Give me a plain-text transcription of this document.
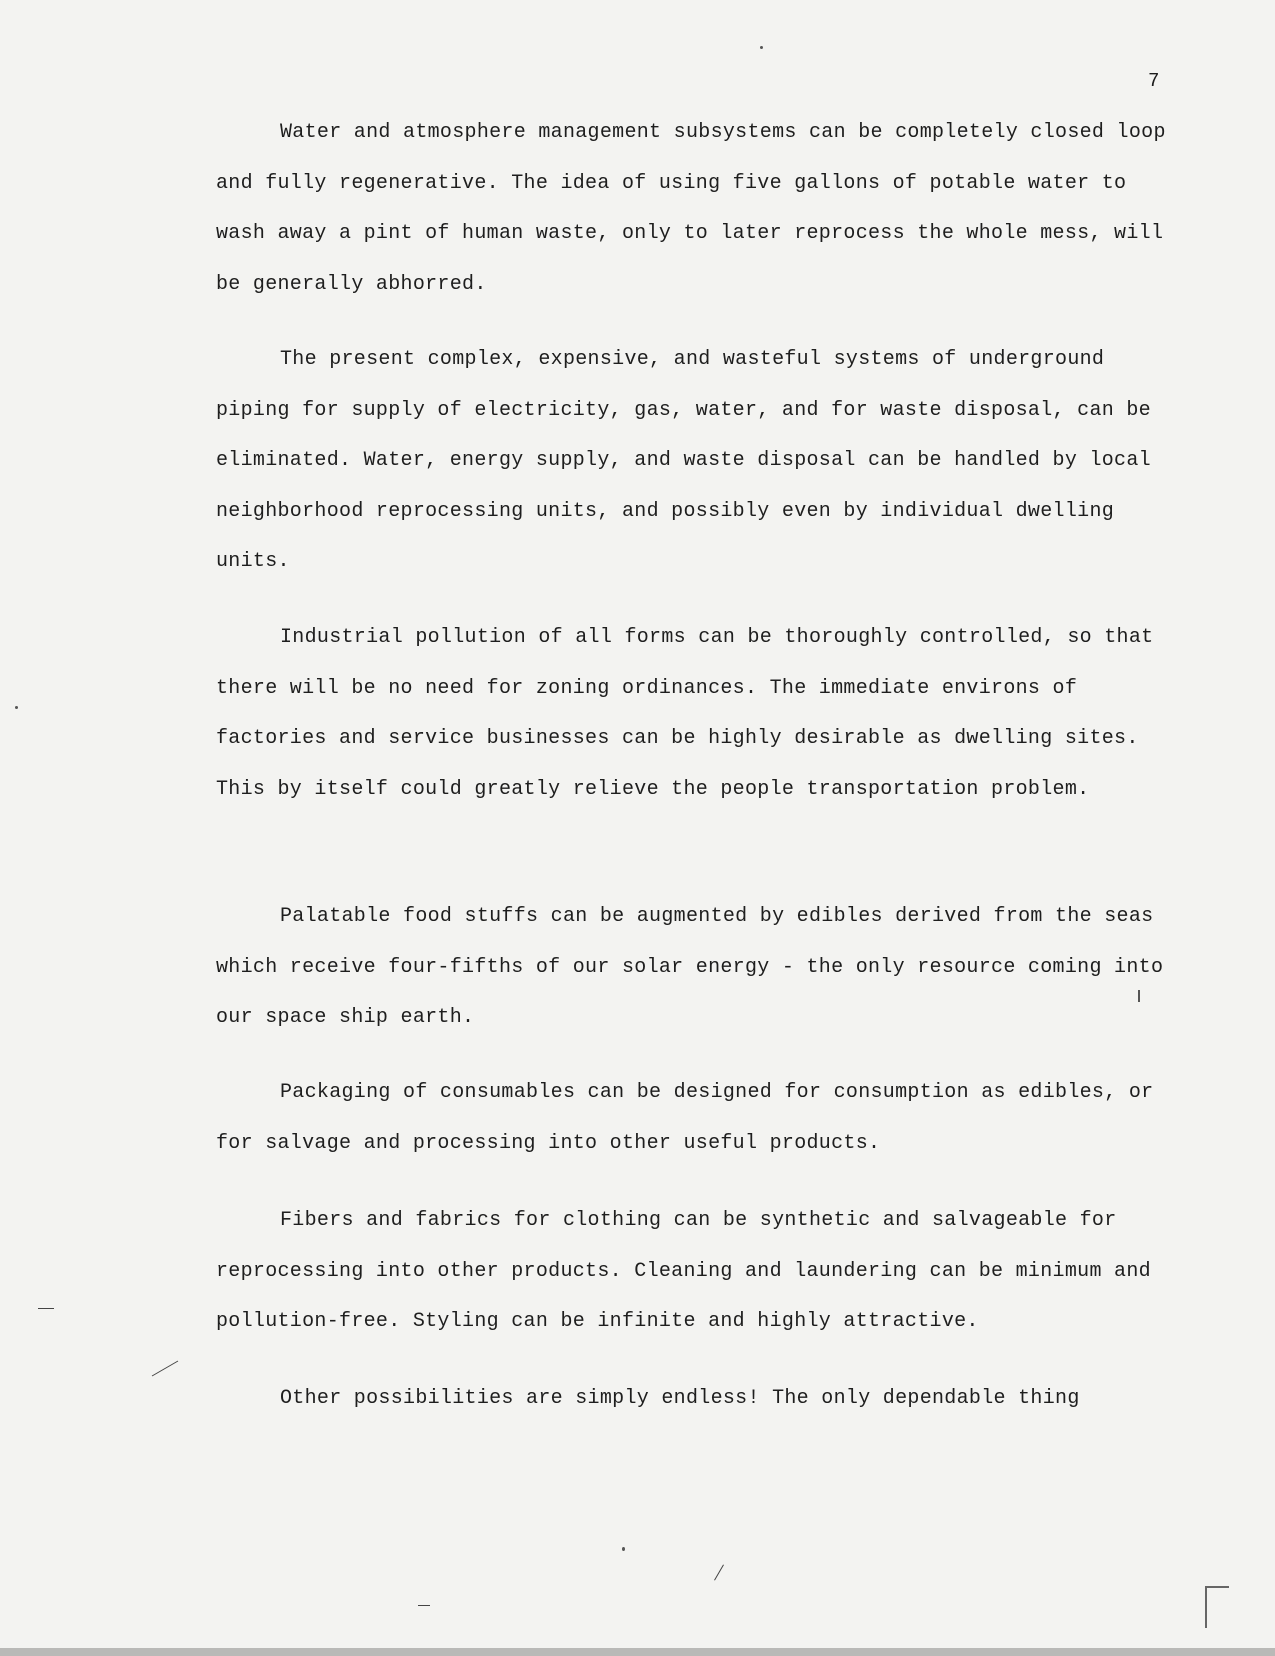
7
Water and atmosphere management subsystems can be completely closed loop and fully regenerative. The idea of using five gallons of potable water to wash away a pint of human waste, only to later reprocess the whole mess, will be generally abhorred.
The present complex, expensive, and wasteful systems of underground piping for supply of electricity, gas, water, and for waste disposal, can be eliminated. Water, energy supply, and waste disposal can be handled by local neighborhood reprocessing units, and possibly even by individual dwelling units.
Industrial pollution of all forms can be thoroughly controlled, so that there will be no need for zoning ordinances. The immediate environs of factories and service businesses can be highly desirable as dwelling sites. This by itself could greatly relieve the people transportation problem.
Palatable food stuffs can be augmented by edibles derived from the seas which receive four-fifths of our solar energy - the only resource coming into our space ship earth.
Packaging of consumables can be designed for consumption as edibles, or for salvage and processing into other useful products.
Fibers and fabrics for clothing can be synthetic and salvageable for reprocessing into other products. Cleaning and laundering can be minimum and pollution-free. Styling can be infinite and highly attractive.
Other possibilities are simply endless! The only dependable thing
